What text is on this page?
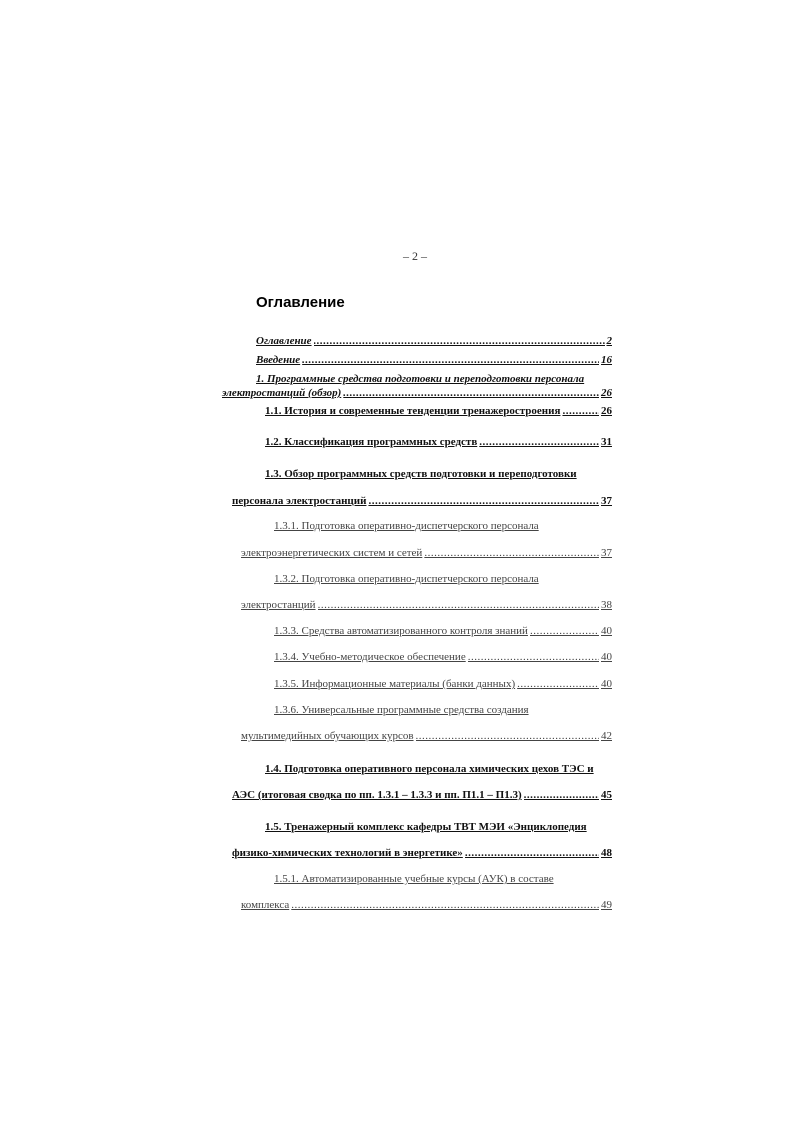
– 2 –
Оглавление
Оглавление .....	2
Введение .....	16
1. Программные средства подготовки и переподготовки персонала
электростанций (обзор) .....	26
1.1. История и современные тенденции тренажеростроения .....	26
1.2. Классификация программных средств .....	31
1.3. Обзор программных средств подготовки и переподготовки
персонала электростанций .....	37
1.3.1. Подготовка оперативно-диспетчерского персонала
электроэнергетических систем и сетей .....	37
1.3.2. Подготовка оперативно-диспетчерского персонала
электростанций .....	38
1.3.3. Средства автоматизированного контроля знаний .....	40
1.3.4. Учебно-методическое обеспечение .....	40
1.3.5. Информационные материалы (банки данных) .....	40
1.3.6. Универсальные программные средства создания
мультимедийных обучающих курсов .....	42
1.4. Подготовка оперативного персонала химических цехов ТЭС и
АЭС (итоговая сводка по пп. 1.3.1 – 1.3.3 и пп. П1.1 – П1.3) .....	45
1.5. Тренажерный комплекс кафедры ТВТ МЭИ «Энциклопедия
физико-химических технологий в энергетике» .....	48
1.5.1. Автоматизированные учебные курсы (АУК) в составе
комплекса .....	49
